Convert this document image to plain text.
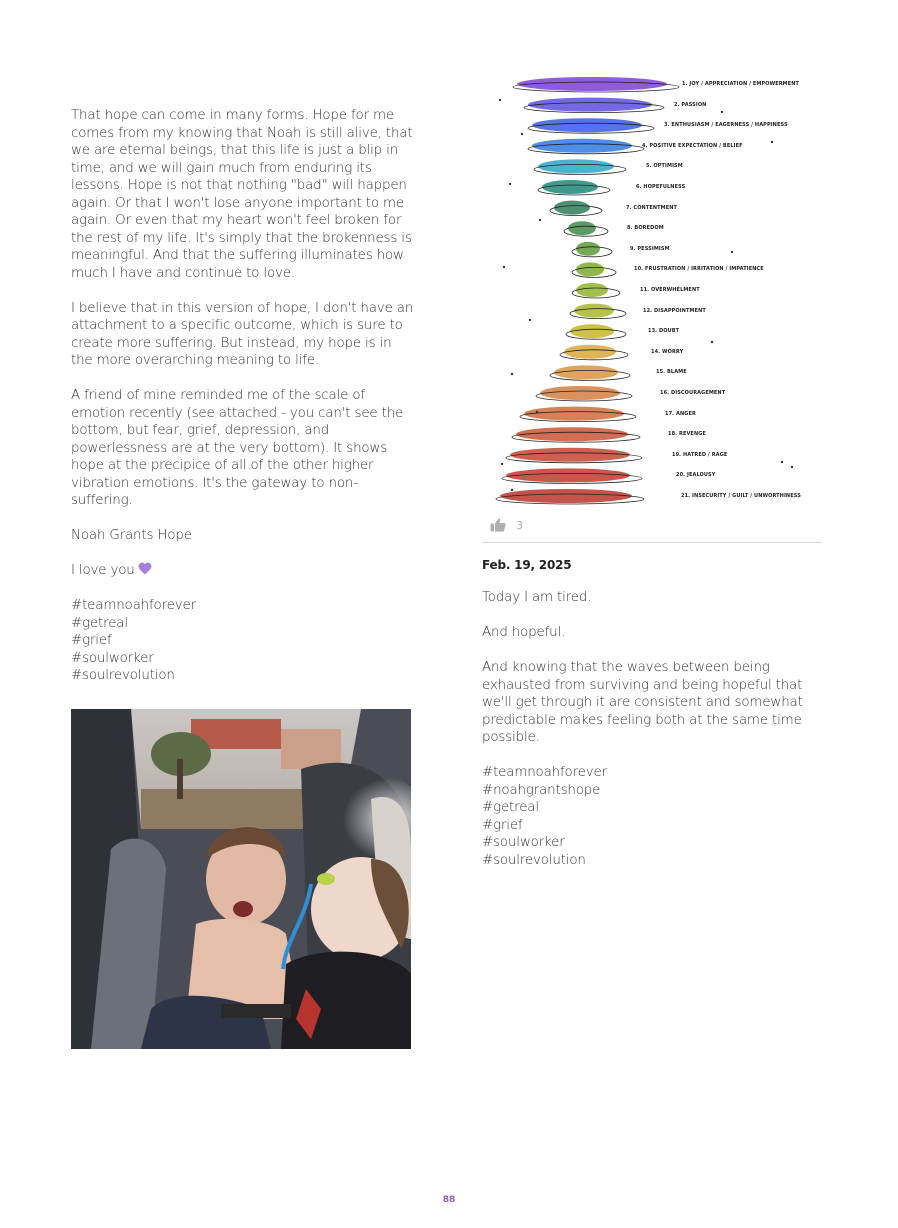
That hope can come in many forms. Hope for me comes from my knowing that Noah is still alive, that we are eternal beings, that this life is just a blip in time, and we will gain much from enduring its lessons. Hope is not that nothing "bad" will happen again. Or that I won't lose anyone important to me again. Or even that my heart won't feel broken for the rest of my life. It's simply that the brokenness is meaningful. And that the suffering illuminates how much I have and continue to love.

I believe that in this version of hope, I don't have an attachment to a specific outcome, which is sure to create more suffering. But instead, my hope is in the more overarching meaning to life.

A friend of mine reminded me of the scale of emotion recently (see attached - you can't see the bottom, but fear, grief, depression, and powerlessness are at the very bottom). It shows hope at the precipice of all of the other higher vibration emotions. It's the gateway to non-suffering.

Noah Grants Hope

I love you

#teamnoahforever
#getreal
#grief
#soulworker
#soulrevolution
1. JOY / APPRECIATION / EMPOWERMENT
2. PASSION
3. ENTHUSIASM / EAGERNESS / HAPPINESS
4. POSITIVE EXPECTATION / BELIEF
5. OPTIMISM
6. HOPEFULNESS
7. CONTENTMENT
8. BOREDOM
9. PESSIMISM
10. FRUSTRATION / IRRITATION / IMPATIENCE
11. OVERWHELMENT
12. DISAPPOINTMENT
13. DOUBT
14. WORRY
15. BLAME
16. DISCOURAGEMENT
17. ANGER
18. REVENGE
19. HATRED / RAGE
20. JEALOUSY
21. INSECURITY / GUILT / UNWORTHINESS
3
Feb. 19, 2025

Today I am tired.

And hopeful.

And knowing that the waves between being exhausted from surviving and being hopeful that we'll get through it are consistent and somewhat predictable makes feeling both at the same time possible.

#teamnoahforever
#noahgrantshope
#getreal
#grief
#soulworker
#soulrevolution
88
